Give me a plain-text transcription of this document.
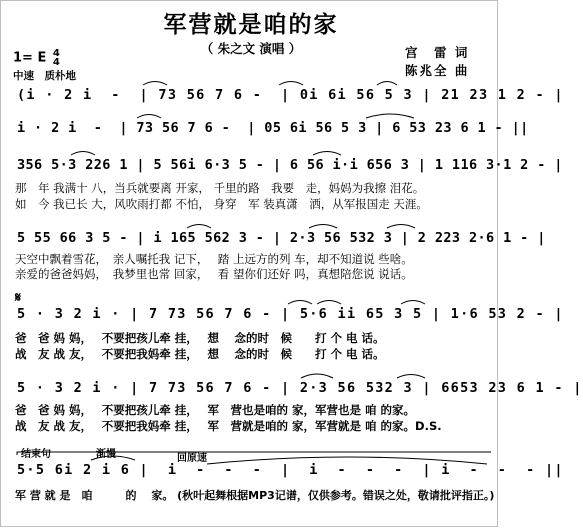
军营就是咱的家
（ 朱之文 演唱 ）
1= E 4
4
中速　质朴地
宫　雷 词
陈兆全 曲
(i · 2 i  -  | 73 56 7 6 -  | 0i 6i 56 5 3 | 21 23 1 2 - |
i · 2 i  -  | 73 56 7 6 -  | 05 6i 56 5 3 | 6 53 23 6 1 - ||
356 5·3 226 1 | 5 56i 6·3 5 - | 6 56 i·i 656 3 | 1 116 3·1 2 - |
那　年 我满十 八，当兵就要离 开家， 千里的路　我要　走，妈妈为我擦 泪花。
如　今 我已长 大，风吹雨打都 不怕， 身穿　军 装真潇　洒，从军报国走 天涯。
5 55 66 3 5 - | i 165 562 3 - | 2·3 56 532 3 | 2 223 2·6 1 - |
天空中飘着雪花，　亲人嘱托我 记下，　 踏 上远方的列 车，却不知道说 些啥。
亲爱的爸爸妈妈，　我梦里也常 回家，　 看 望你们还好 吗，真想陪您说 说话。
𝄋
5 · 3 2 i · | 7 73 56 7 6 - | 5·6 ii 65 3 5 | 1·6 53 2 - |
爸　爸 妈 妈，　 不要把孩儿牵 挂，　 想　 念的时　候　　打 个 电 话。
战　友 战 友，　 不要把我妈牵 挂，　 想　 念的时　候　　打 个 电 话。
5 · 3 2 i · | 7 73 56 7 6 - | 2·3 56 532 3 | 6653 23 6 1 - |
爸　爸 妈 妈，　 不要把孩儿牵 挂，　 军　营也是咱的 家，军营也是 咱 的家。
战　友 战 友，　 不要把我妈牵 挂，　 军　营就是咱的 家，军营就是 咱 的家。D.S.
结束句	渐慢	回原速
5·5 6i 2 i 6 |  i  -  -  -  |  i  -  -  -  | i  -  -  - ||
军 营 就 是　咱　　　的　 家。 (秋叶起舞根据MP3记谱，仅供参考。错误之处，敬请批评指正。)
